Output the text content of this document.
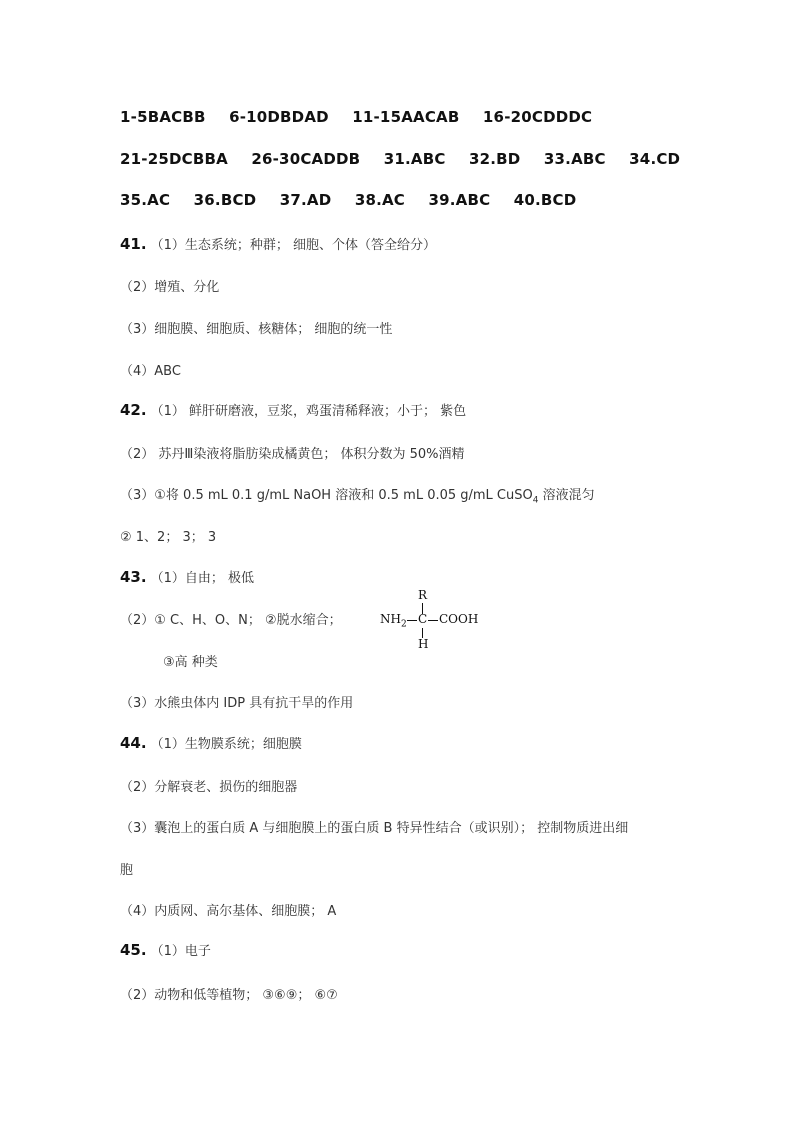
1-5BACBB 6-10DBDAD 11-15AACAB 16-20CDDDC
21-25DCBBA 26-30CADDB 31.ABC 32.BD 33.ABC 34.CD
35.AC 36.BCD 37.AD 38.AC 39.ABC 40.BCD
41. （1）生态系统；种群； 细胞、个体（答全给分）
（2）增殖、分化
（3）细胞膜、细胞质、核糖体； 细胞的统一性
（4）ABC
42. （1） 鲜肝研磨液，豆浆，鸡蛋清稀释液；小于； 紫色
（2） 苏丹Ⅲ染液将脂肪染成橘黄色； 体积分数为 50%酒精
（3）①将 0.5 mL 0.1 g/mL NaOH 溶液和 0.5 mL 0.05 g/mL CuSO$_4$ 溶液混匀
② 1、2； 3； 3
43. （1）自由； 极低
（2）① C、H、O、N； ②脱水缩合；
R
$NH_2$ C COOH
H
③高 种类
（3）水熊虫体内 IDP 具有抗干旱的作用
44. （1）生物膜系统；细胞膜
（2）分解衰老、损伤的细胞器
（3）囊泡上的蛋白质 A 与细胞膜上的蛋白质 B 特异性结合（或识别）； 控制物质进出细
胞
（4）内质网、高尔基体、细胞膜； A
45. （1）电子
（2）动物和低等植物； ③⑥⑨； ⑥⑦
